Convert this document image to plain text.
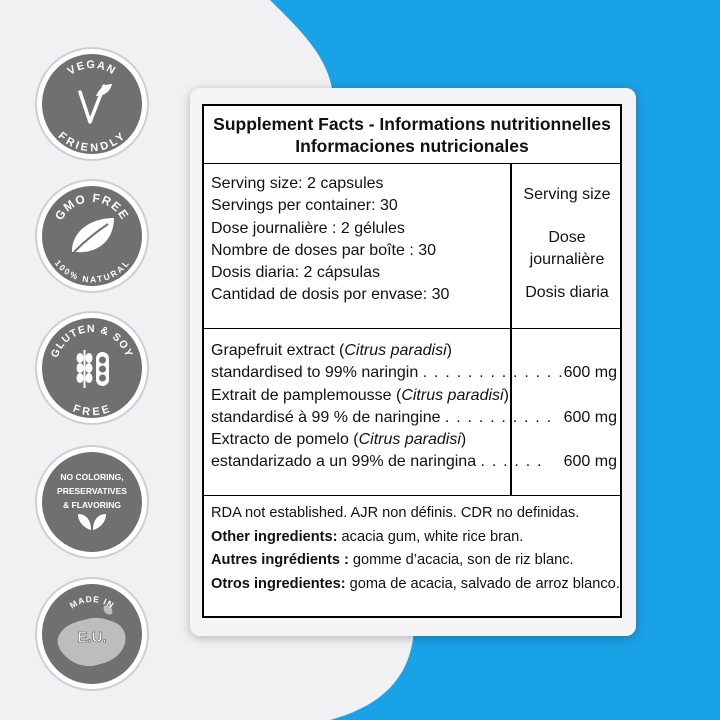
VEGAN
FRIENDLY
GMO FREE
100% NATURAL
GLUTEN & SOY
FREE
NO COLORING,
PRESERVATIVES
& FLAVORING
MADE IN
E.U.
Supplement Facts - Informations nutritionnelles
Informaciones nutricionales
Serving size: 2 capsules
Servings per container: 30
Dose journalière : 2 gélules
Nombre de doses par boîte : 30
Dosis diaria: 2 cápsulas
Cantidad de dosis por envase: 30
Serving size
Dose
journalière
Dosis diaria
Grapefruit extract (Citrus paradisi)
standardised to 99% naringin . . . . . . . . . . . . . 600 mg
Extrait de pamplemousse (Citrus paradisi)
standardisé à 99 % de naringine . . . . . . . . . . 600 mg
Extracto de pomelo (Citrus paradisi)
estandarizado a un 99% de naringina . . . . . . 600 mg
RDA not established. AJR non définis. CDR no definidas.
Other ingredients: acacia gum, white rice bran.
Autres ingrédients : gomme d’acacia, son de riz blanc.
Otros ingredientes: goma de acacia, salvado de arroz blanco.
